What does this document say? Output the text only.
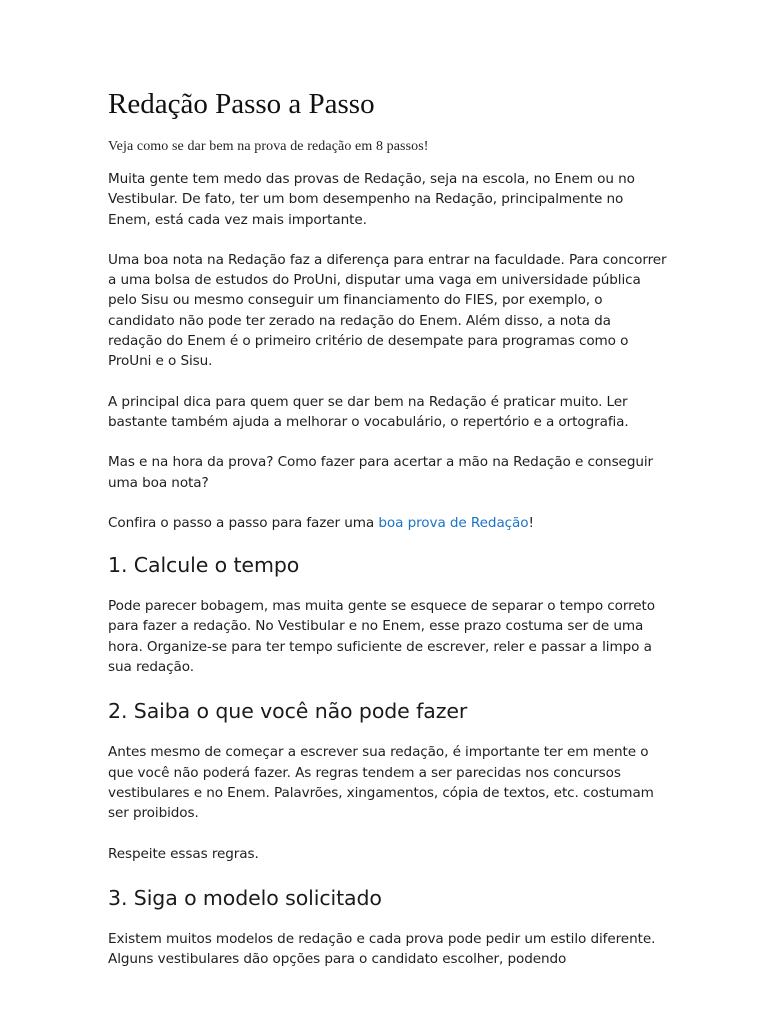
Redação Passo a Passo

Veja como se dar bem na prova de redação em 8 passos!

Muita gente tem medo das provas de Redação, seja na escola, no Enem ou no Vestibular. De fato, ter um bom desempenho na Redação, principalmente no Enem, está cada vez mais importante.

Uma boa nota na Redação faz a diferença para entrar na faculdade. Para concorrer a uma bolsa de estudos do ProUni, disputar uma vaga em universidade pública pelo Sisu ou mesmo conseguir um financiamento do FIES, por exemplo, o candidato não pode ter zerado na redação do Enem. Além disso, a nota da redação do Enem é o primeiro critério de desempate para programas como o ProUni e o Sisu.

A principal dica para quem quer se dar bem na Redação é praticar muito. Ler bastante também ajuda a melhorar o vocabulário, o repertório e a ortografia.

Mas e na hora da prova? Como fazer para acertar a mão na Redação e conseguir uma boa nota?

Confira o passo a passo para fazer uma boa prova de Redação!

1. Calcule o tempo

Pode parecer bobagem, mas muita gente se esquece de separar o tempo correto para fazer a redação. No Vestibular e no Enem, esse prazo costuma ser de uma hora. Organize-se para ter tempo suficiente de escrever, reler e passar a limpo a sua redação.

2. Saiba o que você não pode fazer

Antes mesmo de começar a escrever sua redação, é importante ter em mente o que você não poderá fazer. As regras tendem a ser parecidas nos concursos vestibulares e no Enem. Palavrões, xingamentos, cópia de textos, etc. costumam ser proibidos.

Respeite essas regras.

3. Siga o modelo solicitado

Existem muitos modelos de redação e cada prova pode pedir um estilo diferente. Alguns vestibulares dão opções para o candidato escolher, podendo
